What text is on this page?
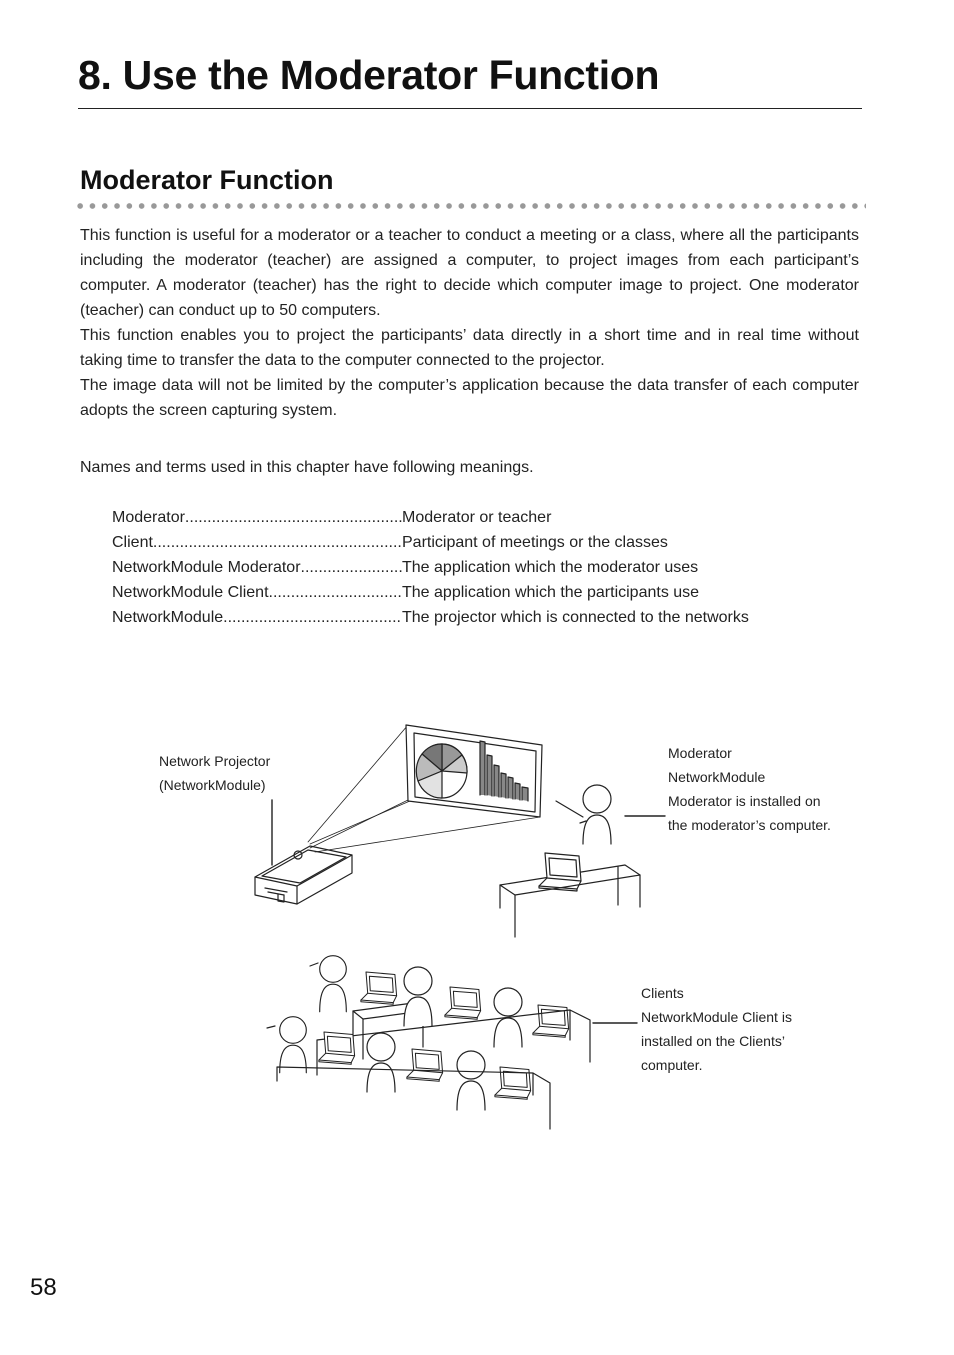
8. Use the Moderator Function
Moderator Function

This function is useful for a moderator or a teacher to conduct a meeting or a class, where all the participants including the moderator (teacher) are assigned a computer, to project images from each participant’s computer. A moderator (teacher) has the right to decide which computer image to project. One moderator (teacher) can conduct up to 50 computers.

This function enables you to project the participants’ data directly in a short time and in real time without taking time to transfer the data to the computer connected to the projector.

The image data will not be limited by the computer’s application because the data transfer of each computer adopts the screen capturing system.

Names and terms used in this chapter have following meanings.

Moderator .....	Moderator or teacher
Client .....	Participant of meetings or the classes
NetworkModule Moderator .....	The application which the moderator uses
NetworkModule Client .....	The application which the participants use
NetworkModule .....	The projector which is connected to the networks

Network Projector
(NetworkModule)

Moderator
NetworkModule
Moderator is installed on
the moderator’s computer.

Clients
NetworkModule Client is
installed on the Clients’
computer.

58
